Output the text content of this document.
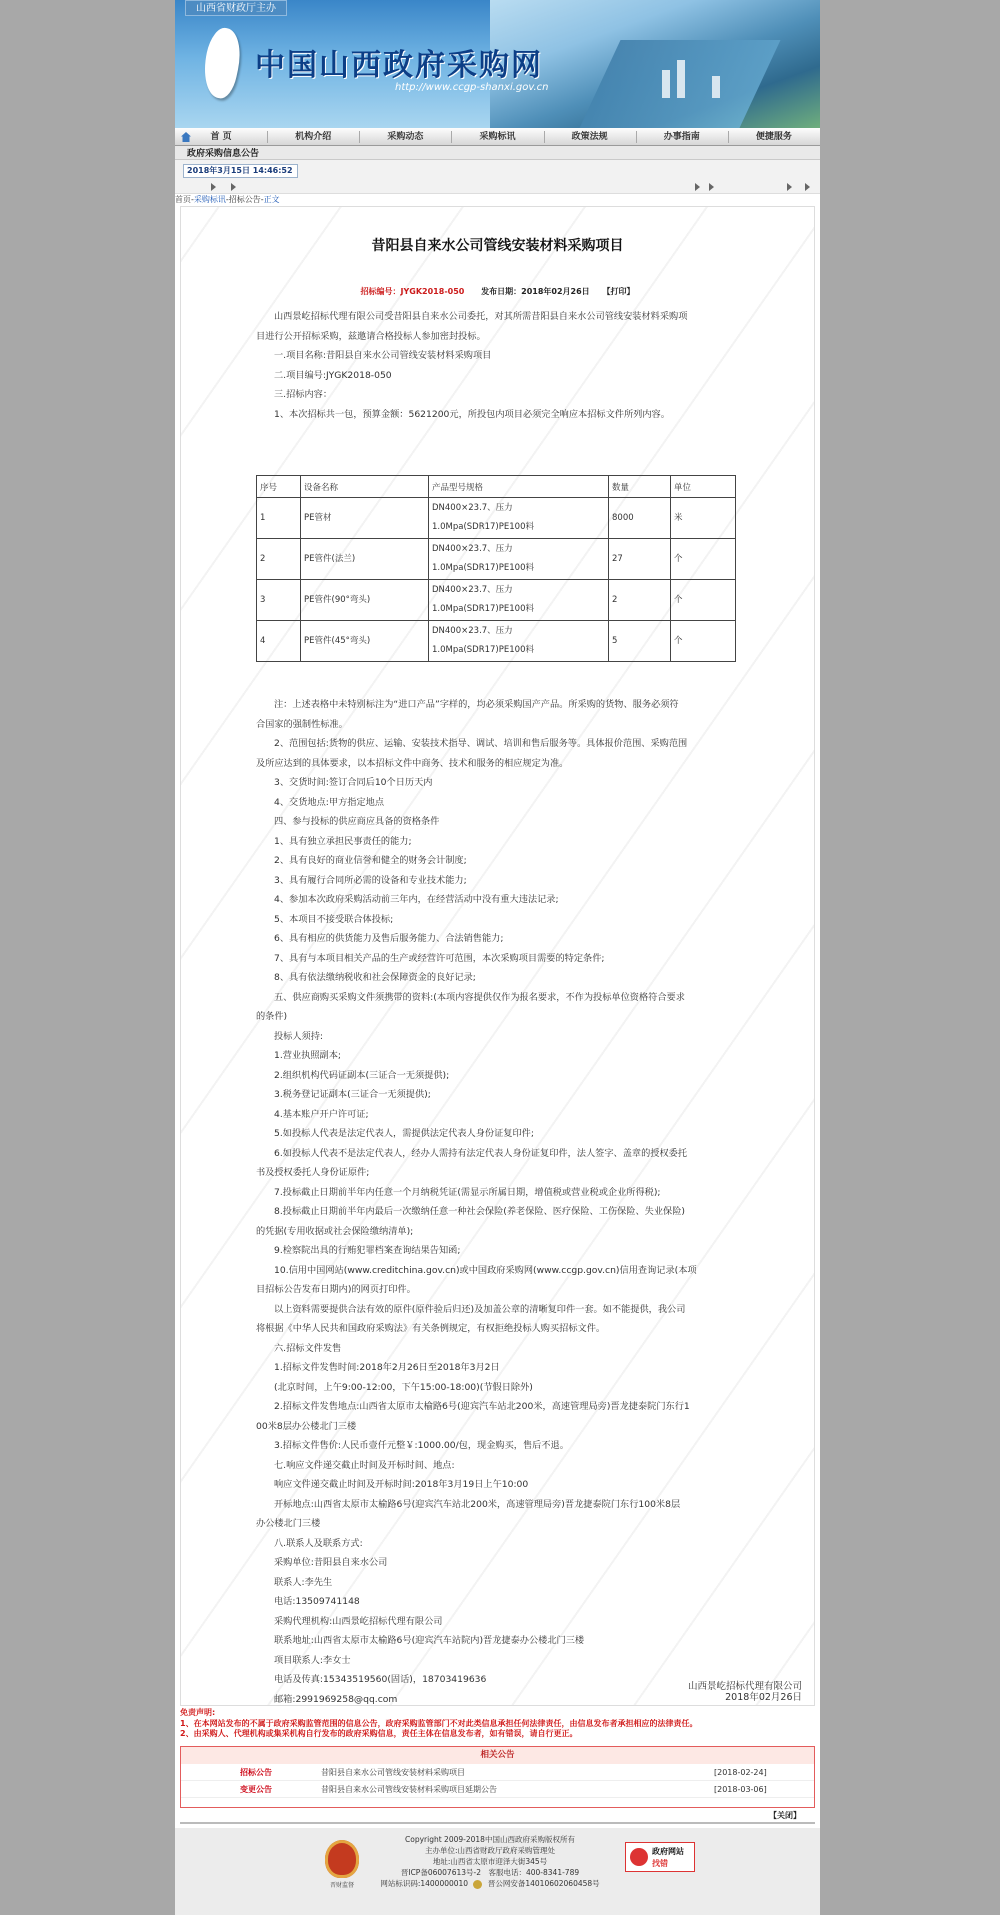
山西省财政厅主办
中国山西政府采购网
http://www.ccgp-shanxi.gov.cn
首 页	机构介绍	采购动态	采购标讯	政策法规	办事指南	便捷服务
政府采购信息公告
2018年3月15日 14:46:52
首页-采购标讯-招标公告-正文
昔阳县自来水公司管线安装材料采购项目
招标编号：JYGK2018-050 发布日期：2018年02月26日 【打印】
山西景屹招标代理有限公司受昔阳县自来水公司委托，对其所需昔阳县自来水公司管线安装材料采购项
目进行公开招标采购，兹邀请合格投标人参加密封投标。
一.项目名称:昔阳县自来水公司管线安装材料采购项目
二.项目编号:JYGK2018-050
三.招标内容：
1、本次招标共一包，预算金额：5621200元，所投包内项目必须完全响应本招标文件所列内容。
序号	设备名称	产品型号规格	数量	单位
1	PE管材	DN400×23.7、压力1.0Mpa(SDR17)PE100料	8000	米
2	PE管件(法兰)	DN400×23.7、压力1.0Mpa(SDR17)PE100料	27	个
3	PE管件(90°弯头)	DN400×23.7、压力1.0Mpa(SDR17)PE100料	2	个
4	PE管件(45°弯头)	DN400×23.7、压力1.0Mpa(SDR17)PE100料	5	个
注：上述表格中未特别标注为“进口产品”字样的，均必须采购国产产品。所采购的货物、服务必须符
合国家的强制性标准。
2、范围包括:货物的供应、运输、安装技术指导、调试、培训和售后服务等。具体报价范围、采购范围
及所应达到的具体要求，以本招标文件中商务、技术和服务的相应规定为准。
3、交货时间:签订合同后10个日历天内
4、交货地点:甲方指定地点
四、参与投标的供应商应具备的资格条件
1、具有独立承担民事责任的能力;
2、具有良好的商业信誉和健全的财务会计制度;
3、具有履行合同所必需的设备和专业技术能力;
4、参加本次政府采购活动前三年内，在经营活动中没有重大违法记录;
5、本项目不接受联合体投标;
6、具有相应的供货能力及售后服务能力、合法销售能力;
7、具有与本项目相关产品的生产或经营许可范围，本次采购项目需要的特定条件;
8、具有依法缴纳税收和社会保障资金的良好记录;
五、供应商购买采购文件须携带的资料:(本项内容提供仅作为报名要求，不作为投标单位资格符合要求
的条件)
投标人须持:
1.营业执照副本;
2.组织机构代码证副本(三证合一无须提供);
3.税务登记证副本(三证合一无须提供);
4.基本账户开户许可证;
5.如投标人代表是法定代表人，需提供法定代表人身份证复印件;
6.如投标人代表不是法定代表人，经办人需持有法定代表人身份证复印件，法人签字、盖章的授权委托
书及授权委托人身份证原件;
7.投标截止日期前半年内任意一个月纳税凭证(需显示所属日期，增值税或营业税或企业所得税);
8.投标截止日期前半年内最后一次缴纳任意一种社会保险(养老保险、医疗保险、工伤保险、失业保险)
的凭据(专用收据或社会保险缴纳清单);
9.检察院出具的行贿犯罪档案查询结果告知函;
10.信用中国网站(www.creditchina.gov.cn)或中国政府采购网(www.ccgp.gov.cn)信用查询记录(本项
目招标公告发布日期内)的网页打印件。
以上资料需要提供合法有效的原件(原件验后归还)及加盖公章的清晰复印件一套。如不能提供，我公司
将根据《中华人民共和国政府采购法》有关条例规定，有权拒绝投标人购买招标文件。
六.招标文件发售
1.招标文件发售时间:2018年2月26日至2018年3月2日
(北京时间，上午9:00-12:00，下午15:00-18:00)(节假日除外)
2.招标文件发售地点:山西省太原市太榆路6号(迎宾汽车站北200米，高速管理局旁)晋龙捷泰院门东行1
00米8层办公楼北门三楼
3.招标文件售价:人民币壹仟元整￥:1000.00/包，现金购买，售后不退。
七.响应文件递交截止时间及开标时间、地点:
响应文件递交截止时间及开标时间:2018年3月19日上午10:00
开标地点:山西省太原市太榆路6号(迎宾汽车站北200米，高速管理局旁)晋龙捷泰院门东行100米8层
办公楼北门三楼
八.联系人及联系方式:
采购单位:昔阳县自来水公司
联系人:李先生
电话:13509741148
采购代理机构:山西景屹招标代理有限公司
联系地址:山西省太原市太榆路6号(迎宾汽车站院内)晋龙捷泰办公楼北门三楼
项目联系人:李女士
电话及传真:15343519560(固话)，18703419636
邮箱:2991969258@qq.com
山西景屹招标代理有限公司
2018年02月26日
免责声明:
1、在本网站发布的不属于政府采购监管范围的信息公告，政府采购监管部门不对此类信息承担任何法律责任，由信息发布者承担相应的法律责任。
2、由采购人、代理机构或集采机构自行发布的政府采购信息，责任主体在信息发布者，如有错误，请自行更正。
相关公告
招标公告	昔阳县自来水公司管线安装材料采购项目	[2018-02-24]
变更公告	昔阳县自来水公司管线安装材料采购项目延期公告	[2018-03-06]
【关闭】
晋财监督
Copyright 2009-2018中国山西政府采购版权所有
主办单位:山西省财政厅政府采购管理处
地址:山西省太原市迎泽大街345号
晋ICP备06007613号-2　客服电话：400-8341-789
网站标识码:1400000010	晋公网安备14010602060458号
政府网站
找错
